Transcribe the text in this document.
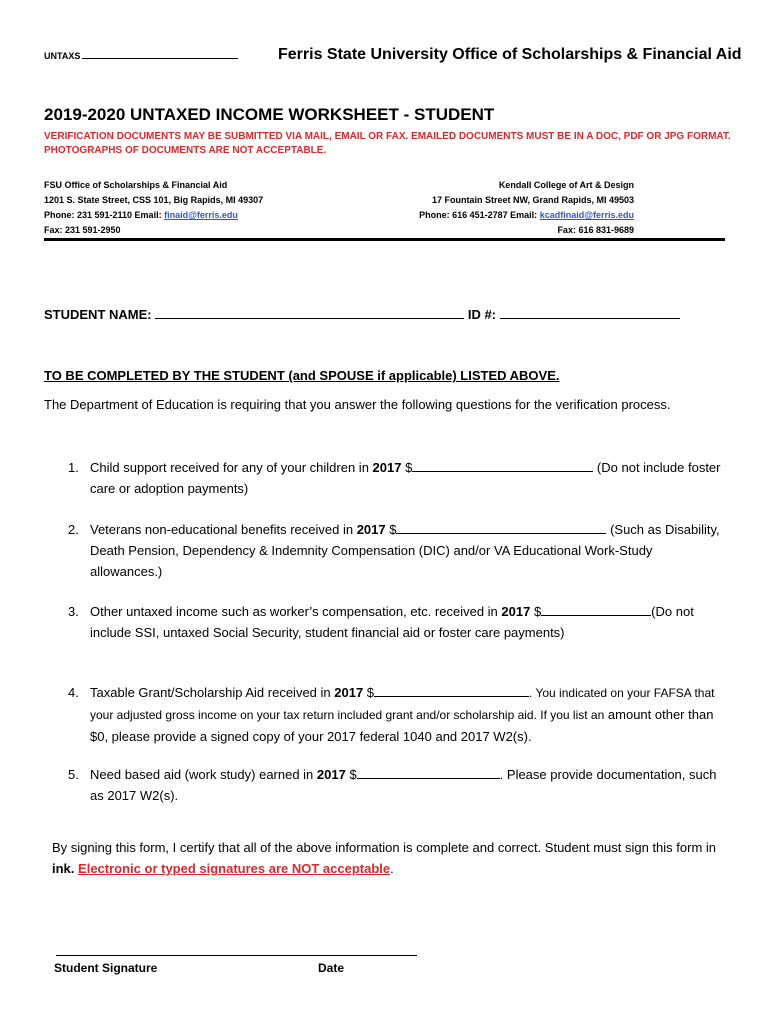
UNTAXS	Ferris State University Office of Scholarships & Financial Aid
2019-2020 UNTAXED INCOME WORKSHEET - STUDENT
VERIFICATION DOCUMENTS MAY BE SUBMITTED VIA MAIL, EMAIL OR FAX. EMAILED DOCUMENTS MUST BE IN A DOC, PDF OR JPG FORMAT. PHOTOGRAPHS OF DOCUMENTS ARE NOT ACCEPTABLE.
FSU Office of Scholarships & Financial Aid
1201 S. State Street, CSS 101, Big Rapids, MI 49307
Phone: 231 591-2110 Email: finaid@ferris.edu
Fax: 231 591-2950
Kendall College of Art & Design
17 Fountain Street NW, Grand Rapids, MI 49503
Phone: 616 451-2787 Email: kcadfinaid@ferris.edu
Fax: 616 831-9689
STUDENT NAME:	ID #:
TO BE COMPLETED BY THE STUDENT (and SPOUSE if applicable) LISTED ABOVE.
The Department of Education is requiring that you answer the following questions for the verification process.
1. Child support received for any of your children in 2017 $	(Do not include foster care or adoption payments)
2. Veterans non-educational benefits received in 2017 $	(Such as Disability, Death Pension, Dependency & Indemnity Compensation (DIC) and/or VA Educational Work-Study allowances.)
3. Other untaxed income such as worker’s compensation, etc. received in 2017 $	(Do not include SSI, untaxed Social Security, student financial aid or foster care payments)
4. Taxable Grant/Scholarship Aid received in 2017 $	. You indicated on your FAFSA that your adjusted gross income on your tax return included grant and/or scholarship aid. If you list an amount other than $0, please provide a signed copy of your 2017 federal 1040 and 2017 W2(s).
5. Need based aid (work study) earned in 2017 $	. Please provide documentation, such as 2017 W2(s).
By signing this form, I certify that all of the above information is complete and correct. Student must sign this form in ink. Electronic or typed signatures are NOT acceptable.
Student Signature	Date
